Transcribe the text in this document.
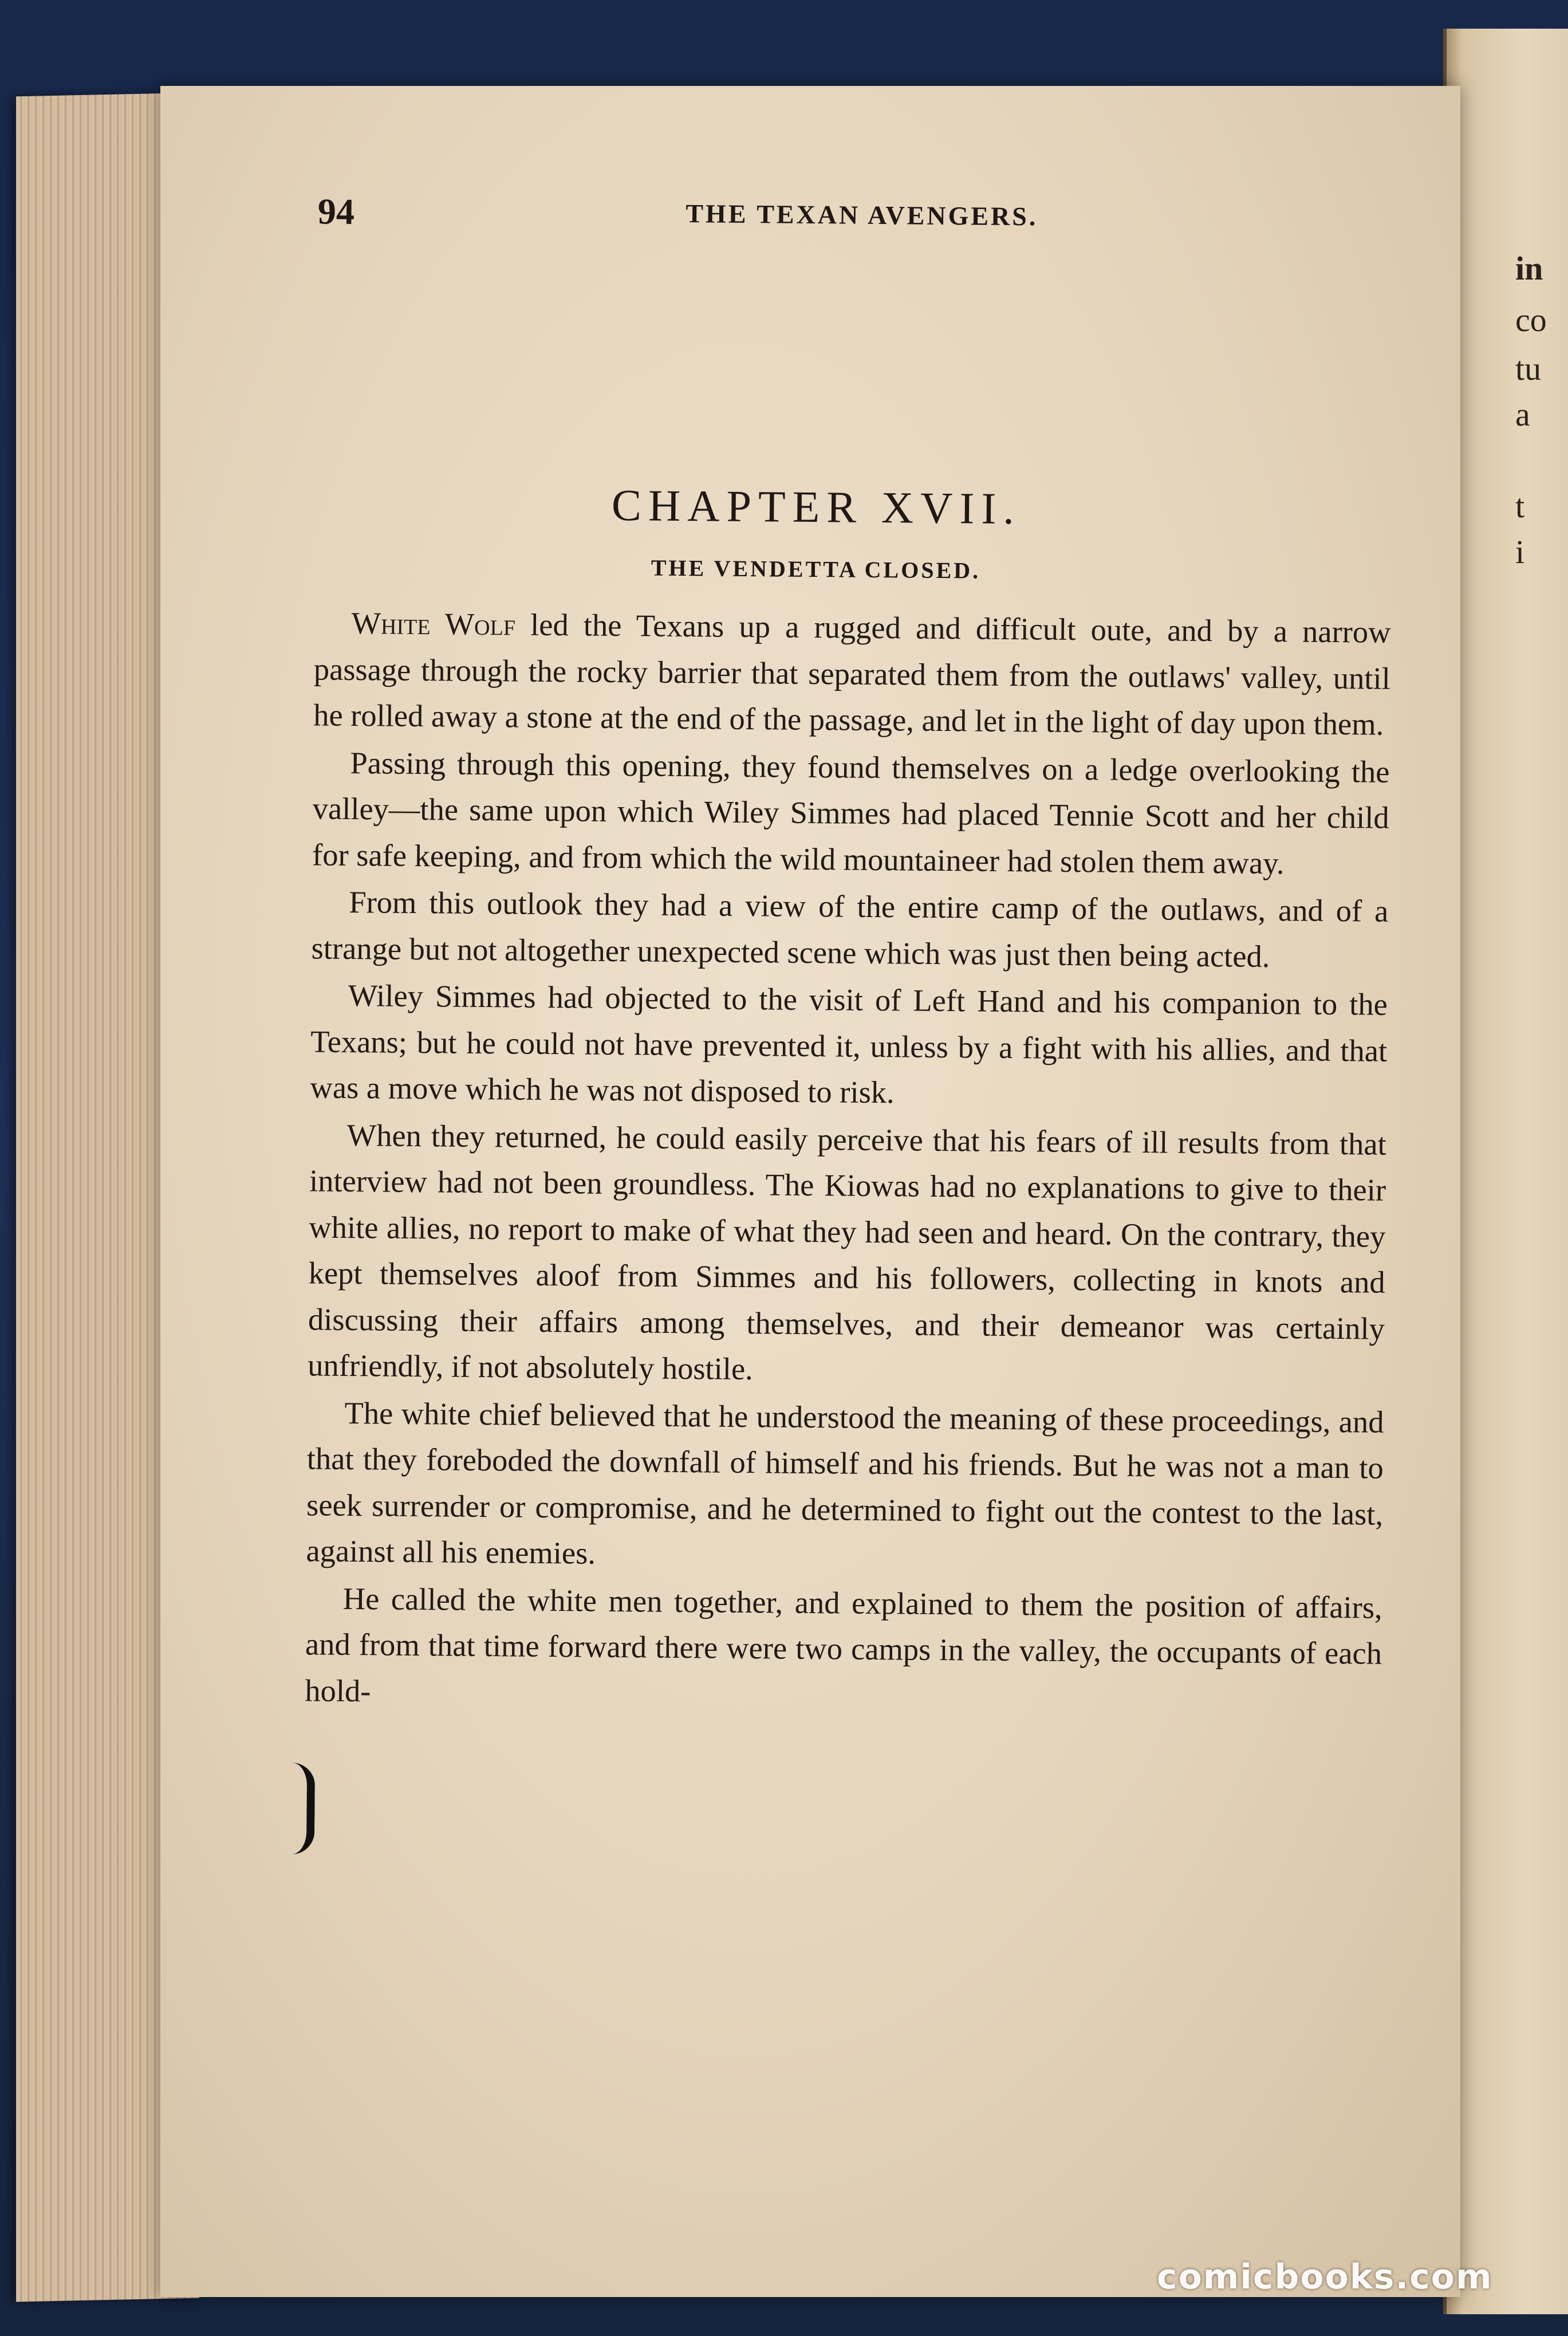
in
co
tu
a
t
i
94	THE TEXAN AVENGERS.
CHAPTER XVII.
THE VENDETTA CLOSED.

White Wolf led the Texans up a rugged and difficult oute, and by a narrow passage through the rocky barrier that separated them from the outlaws' valley, until he rolled away a stone at the end of the passage, and let in the light of day upon them.

Passing through this opening, they found themselves on a ledge overlooking the valley—the same upon which Wiley Simmes had placed Tennie Scott and her child for safe keeping, and from which the wild mountaineer had stolen them away.

From this outlook they had a view of the entire camp of the outlaws, and of a strange but not altogether unexpected scene which was just then being acted.

Wiley Simmes had objected to the visit of Left Hand and his companion to the Texans; but he could not have prevented it, unless by a fight with his allies, and that was a move which he was not disposed to risk.

When they returned, he could easily perceive that his fears of ill results from that interview had not been groundless. The Kiowas had no explanations to give to their white allies, no report to make of what they had seen and heard. On the contrary, they kept themselves aloof from Simmes and his followers, collecting in knots and discussing their affairs among themselves, and their demeanor was certainly unfriendly, if not absolutely hostile.

The white chief believed that he understood the meaning of these proceedings, and that they foreboded the downfall of himself and his friends. But he was not a man to seek surrender or compromise, and he determined to fight out the contest to the last, against all his enemies.

He called the white men together, and explained to them the position of affairs, and from that time forward there were two camps in the valley, the occupants of each hold-

comicbooks.com
